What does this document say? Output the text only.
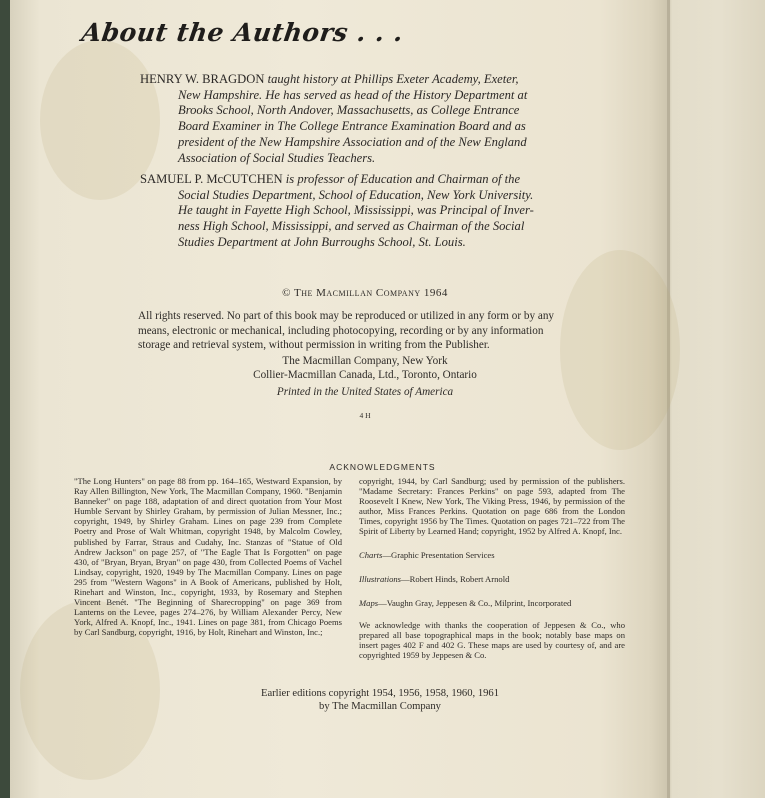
About the Authors . . .
HENRY W. BRAGDON taught history at Phillips Exeter Academy, Exeter,
New Hampshire. He has served as head of the History Department at
Brooks School, North Andover, Massachusetts, as College Entrance
Board Examiner in The College Entrance Examination Board and as
president of the New Hampshire Association and of the New England
Association of Social Studies Teachers.
SAMUEL P. McCUTCHEN is professor of Education and Chairman of the
Social Studies Department, School of Education, New York University.
He taught in Fayette High School, Mississippi, was Principal of Inver-
ness High School, Mississippi, and served as Chairman of the Social
Studies Department at John Burroughs School, St. Louis.
© The Macmillan Company 1964
All rights reserved. No part of this book may be reproduced or utilized in any form or by any means, electronic or mechanical, including photocopying, recording or by any information storage and retrieval system, without permission in writing from the Publisher.
The Macmillan Company, New York
Collier-Macmillan Canada, Ltd., Toronto, Ontario
Printed in the United States of America
4 H
ACKNOWLEDGMENTS

"The Long Hunters" on page 88 from pp. 164–165, Westward Expansion, by Ray Allen Billington, New York, The Macmillan Company, 1960. "Benjamin Banneker" on page 188, adaptation of and direct quotation from Your Most Humble Servant by Shirley Graham, by permission of Julian Messner, Inc.; copyright, 1949, by Shirley Graham. Lines on page 239 from Complete Poetry and Prose of Walt Whitman, copyright 1948, by Malcolm Cowley, published by Farrar, Straus and Cudahy, Inc. Stanzas of "Statue of Old Andrew Jackson" on page 257, of "The Eagle That Is Forgotten" on page 430, of "Bryan, Bryan, Bryan" on page 430, from Collected Poems of Vachel Lindsay, copyright, 1920, 1949 by The Macmillan Company. Lines on page 295 from "Western Wagons" in A Book of Americans, published by Holt, Rinehart and Winston, Inc., copyright, 1933, by Rosemary and Stephen Vincent Benét. "The Beginning of Sharecropping" on page 369 from Lanterns on the Levee, pages 274–276, by William Alexander Percy, New York, Alfred A. Knopf, Inc., 1941. Lines on page 381, from Chicago Poems by Carl Sandburg, copyright, 1916, by Holt, Rinehart and Winston, Inc.;

copyright, 1944, by Carl Sandburg; used by permission of the publishers. "Madame Secretary: Frances Perkins" on page 593, adapted from The Roosevelt I Knew, New York, The Viking Press, 1946, by permission of the author, Miss Frances Perkins. Quotation on page 686 from the London Times, copyright 1956 by The Times. Quotation on pages 721–722 from The Spirit of Liberty by Learned Hand; copyright, 1952 by Alfred A. Knopf, Inc.

Charts—Graphic Presentation Services

Illustrations—Robert Hinds, Robert Arnold

Maps—Vaughn Gray, Jeppesen & Co., Milprint, Incorporated

We acknowledge with thanks the cooperation of Jeppesen & Co., who prepared all base topographical maps in the book; notably base maps on insert pages 402 F and 402 G. These maps are used by courtesy of, and are copyrighted 1959 by Jeppesen & Co.

Earlier editions copyright 1954, 1956, 1958, 1960, 1961
by The Macmillan Company
